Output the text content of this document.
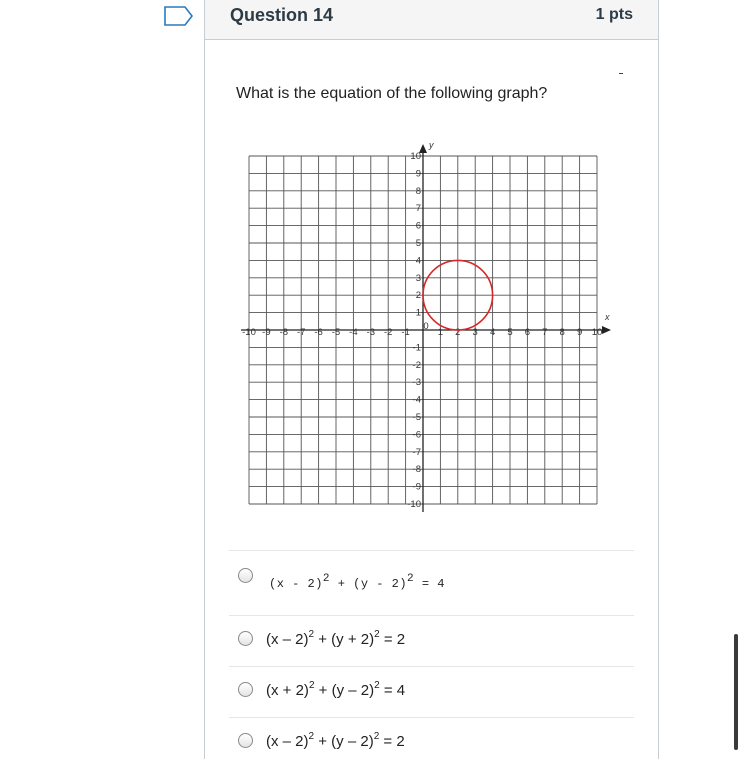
Question 14	1 pts
What is the equation of the following graph?
-10 -9 -8 -7 -6 -5 -4 -3 -2 -1
0
1 2 3 4 5 6 7 8 9 10
10
9
8
7
6
5
4
3
2
1
-1
-2
-3
-4
-5
-6
-7
-8
-9
-10
x
y
(x - 2)$^2$ + (y - 2)$^2$ = 4
$(x - 2)^2 + (y + 2)^2 = 2$
$(x + 2)^2 + (y - 2)^2 = 4$
(x – 2)$^2$ + (y – 2)$^2$ = 2
